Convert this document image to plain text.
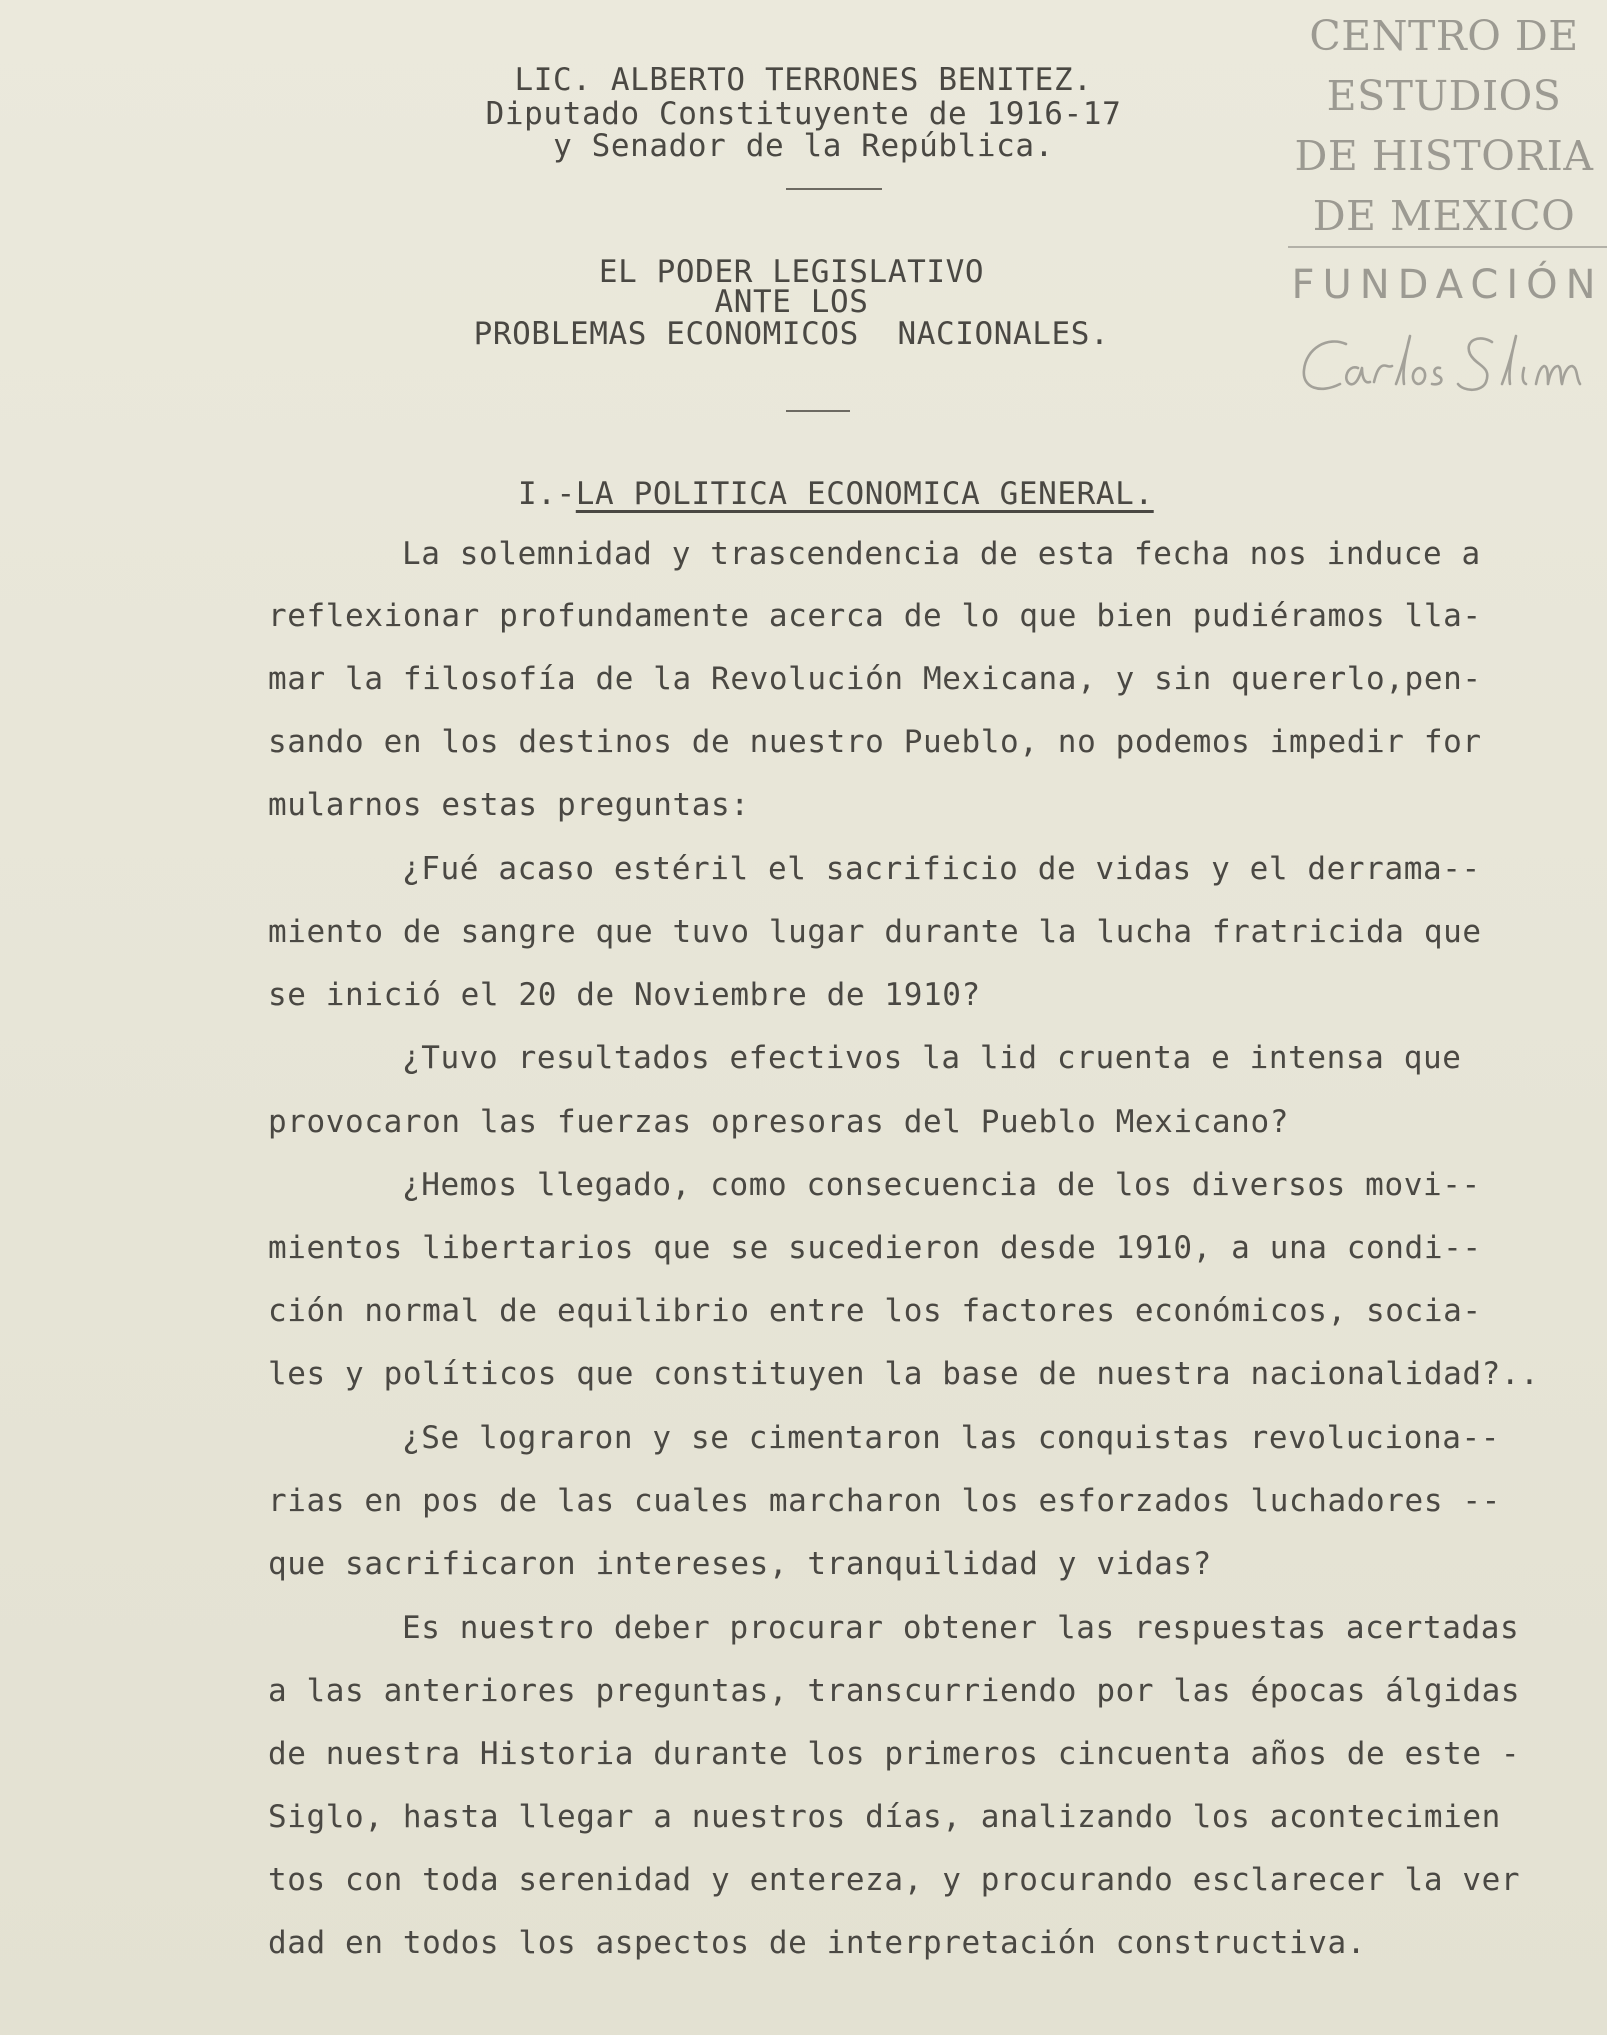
CENTRO DE
ESTUDIOS
DE HISTORIA
DE MEXICO
FUNDACIÓN
LIC. ALBERTO TERRONES BENITEZ.
Diputado Constituyente de 1916-17
y Senador de la República.
EL PODER LEGISLATIVO
ANTE LOS
PROBLEMAS ECONOMICOS  NACIONALES.
I.-LA POLITICA ECONOMICA GENERAL.
La solemnidad y trascendencia de esta fecha nos induce a
reflexionar profundamente acerca de lo que bien pudiéramos lla-
mar la filosofía de la Revolución Mexicana, y sin quererlo,pen-
sando en los destinos de nuestro Pueblo, no podemos impedir for
mularnos estas preguntas:
¿Fué acaso estéril el sacrificio de vidas y el derrama--
miento de sangre que tuvo lugar durante la lucha fratricida que
se inició el 20 de Noviembre de 1910?
¿Tuvo resultados efectivos la lid cruenta e intensa que
provocaron las fuerzas opresoras del Pueblo Mexicano?
¿Hemos llegado, como consecuencia de los diversos movi--
mientos libertarios que se sucedieron desde 1910, a una condi--
ción normal de equilibrio entre los factores económicos, socia-
les y políticos que constituyen la base de nuestra nacionalidad?..
¿Se lograron y se cimentaron las conquistas revoluciona--
rias en pos de las cuales marcharon los esforzados luchadores --
que sacrificaron intereses, tranquilidad y vidas?
Es nuestro deber procurar obtener las respuestas acertadas
a las anteriores preguntas, transcurriendo por las épocas álgidas
de nuestra Historia durante los primeros cincuenta años de este -
Siglo, hasta llegar a nuestros días, analizando los acontecimien
tos con toda serenidad y entereza, y procurando esclarecer la ver
dad en todos los aspectos de interpretación constructiva.
